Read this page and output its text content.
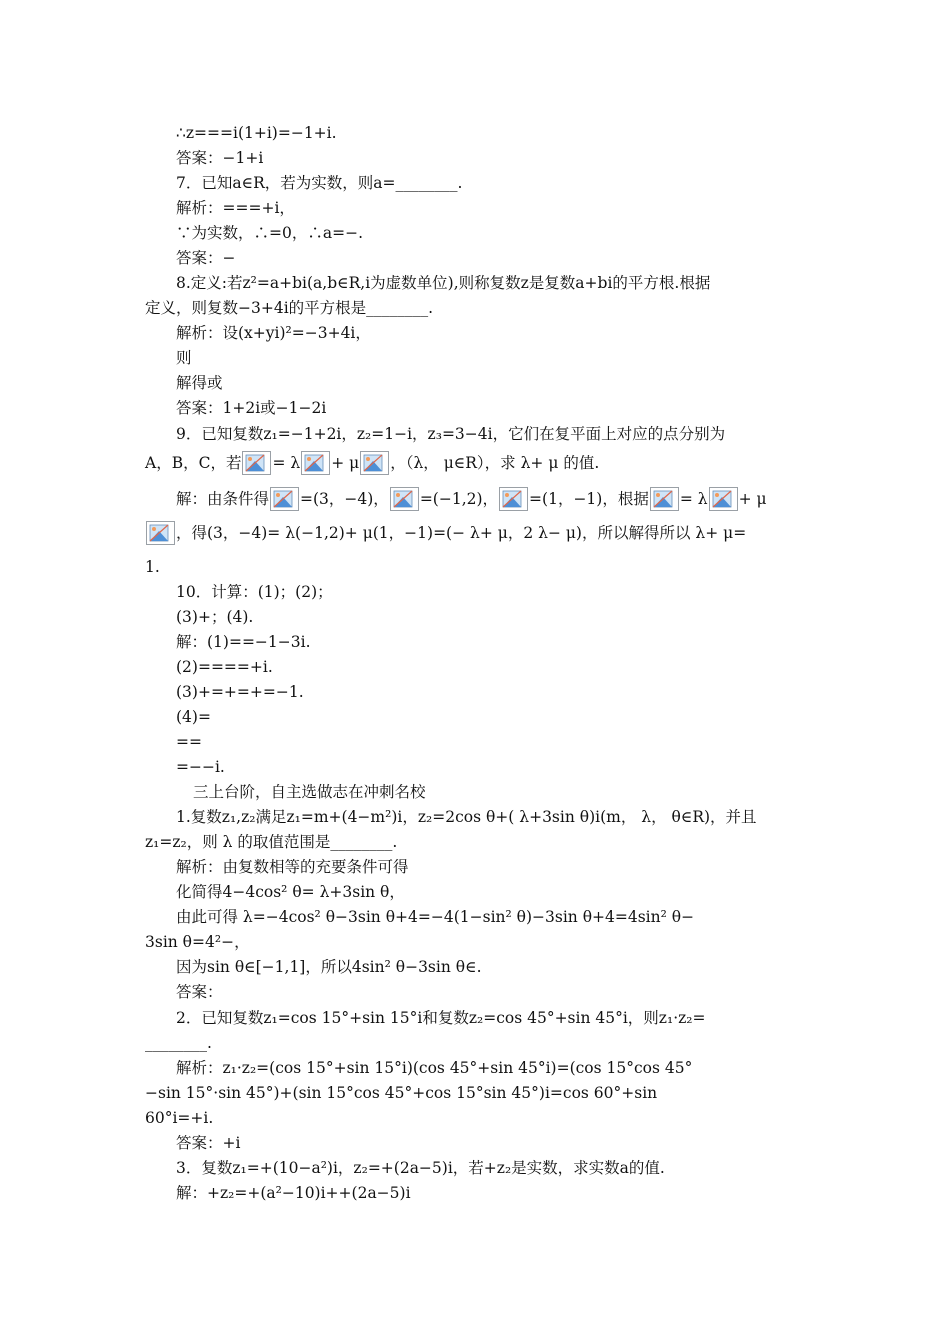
∴z===i(1+i)=−1+i.
答案：−1+i
7．已知a∈R，若为实数，则a=________.
解析：===+i，
∵为实数，∴=0，∴a=−.
答案：−
8.定义:若z²=a+bi(a,b∈R,i为虚数单位),则称复数z是复数a+bi的平方根.根据
定义，则复数−3+4i的平方根是________.
解析：设(x+yi)²=−3+4i，
则
解得或
答案：1+2i或−1−2i
9．已知复数z₁=−1+2i，z₂=1−i，z₃=3−4i，它们在复平面上对应的点分别为
A，B，C，若 = λ + μ ，（λ， μ∈R），求 λ+ μ 的值.
解：由条件得 =(3，−4)， =(−1,2)， =(1，−1)，根据 = λ + μ
，得(3，−4)= λ(−1,2)+ μ(1，−1)=(− λ+ μ，2 λ− μ)，所以解得所以 λ+ μ=
1.
10．计算：(1)；(2)；
(3)+；(4).
解：(1)==−1−3i.
(2)====+i.
(3)+=+=+=−1.
(4)=
==
=−−i.
三上台阶，自主选做志在冲刺名校
1.复数z₁,z₂满足z₁=m+(4−m²)i，z₂=2cos θ+( λ+3sin θ)i(m， λ， θ∈R)，并且
z₁=z₂，则 λ 的取值范围是________.
解析：由复数相等的充要条件可得
化简得4−4cos² θ= λ+3sin θ，
由此可得 λ=−4cos² θ−3sin θ+4=−4(1−sin² θ)−3sin θ+4=4sin² θ−
3sin θ=4²−，
因为sin θ∈[−1,1]，所以4sin² θ−3sin θ∈.
答案：
2．已知复数z₁=cos 15°+sin 15°i和复数z₂=cos 45°+sin 45°i，则z₁·z₂=
________.
解析：z₁·z₂=(cos 15°+sin 15°i)(cos 45°+sin 45°i)=(cos 15°cos 45°
−sin 15°·sin 45°)+(sin 15°cos 45°+cos 15°sin 45°)i=cos 60°+sin
60°i=+i.
答案：+i
3．复数z₁=+(10−a²)i，z₂=+(2a−5)i，若+z₂是实数，求实数a的值.
解：+z₂=+(a²−10)i++(2a−5)i
